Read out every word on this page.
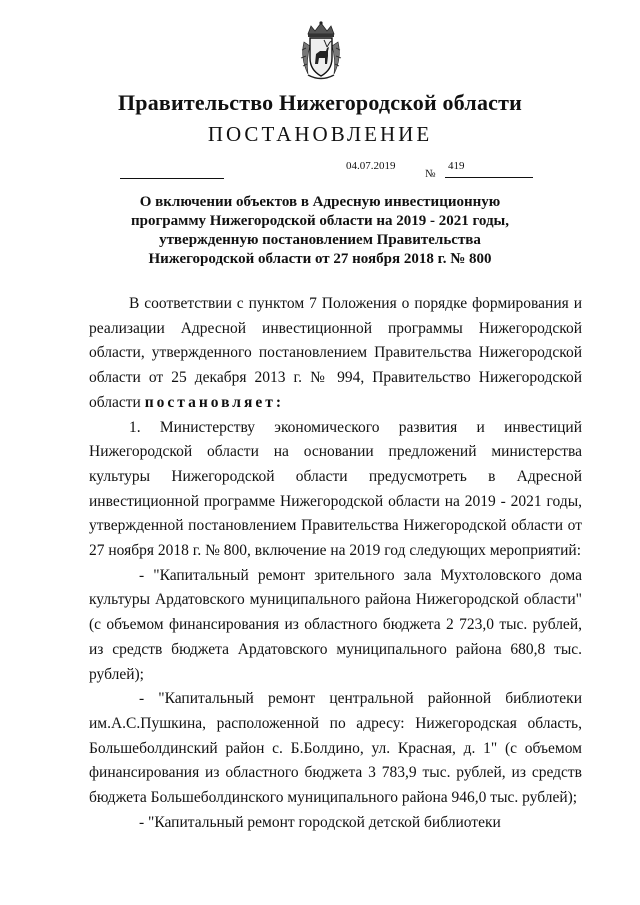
Правительство Нижегородской области
ПОСТАНОВЛЕНИЕ
04.07.2019
№
419
О включении объектов в Адресную инвестиционную программу Нижегородской области на 2019 - 2021 годы, утвержденную постановлением Правительства Нижегородской области от 27 ноября 2018 г. № 800

В соответствии с пунктом 7 Положения о порядке формирования и реализации Адресной инвестиционной программы Нижегородской области, утвержденного постановлением Правительства Нижегородской области от 25 декабря 2013 г. № 994, Правительство Нижегородской области постановляет:

1. Министерству экономического развития и инвестиций Нижегородской области на основании предложений министерства культуры Нижегородской области предусмотреть в Адресной инвестиционной программе Нижегородской области на 2019 - 2021 годы, утвержденной постановлением Правительства Нижегородской области от 27 ноября 2018 г. № 800, включение на 2019 год следующих мероприятий:

- "Капитальный ремонт зрительного зала Мухтоловского дома культуры Ардатовского муниципального района Нижегородской области" (с объемом финансирования из областного бюджета 2 723,0 тыс. рублей, из средств бюджета Ардатовского муниципального района 680,8 тыс. рублей);

- "Капитальный ремонт центральной районной библиотеки им.А.С.Пушкина, расположенной по адресу: Нижегородская область, Большеболдинский район с. Б.Болдино, ул. Красная, д. 1" (с объемом финансирования из областного бюджета 3 783,9 тыс. рублей, из средств бюджета Большеболдинского муниципального района 946,0 тыс. рублей);

- "Капитальный ремонт городской детской библиотеки
